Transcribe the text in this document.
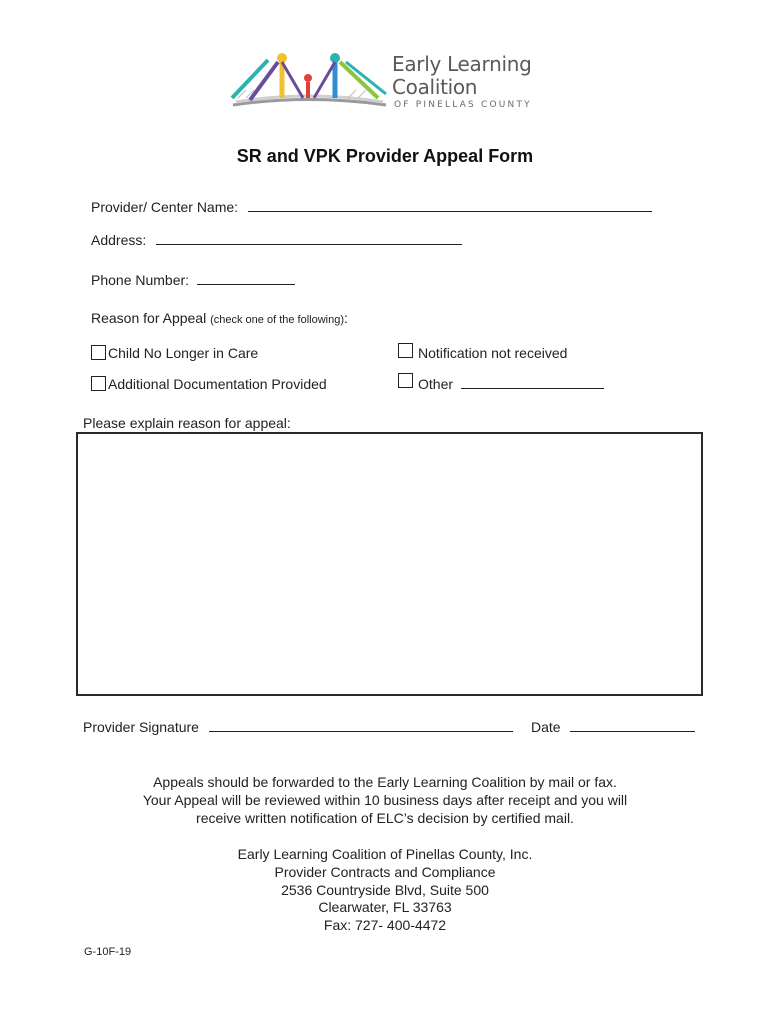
Early Learning
Coalition
OF PINELLAS COUNTY
SR and VPK Provider Appeal Form
Provider/ Center Name:
Address:
Phone Number:
Reason for Appeal (check one of the following):
Child No Longer in Care	Notification not received
Additional Documentation Provided	Other
Please explain reason for appeal:
Provider Signature	Date
Appeals should be forwarded to the Early Learning Coalition by mail or fax.
Your Appeal will be reviewed within 10 business days after receipt and you will
receive written notification of ELC’s decision by certified mail.
Early Learning Coalition of Pinellas County, Inc.
Provider Contracts and Compliance
2536 Countryside Blvd, Suite 500
Clearwater, FL 33763
Fax: 727- 400-4472
G-10F-19
